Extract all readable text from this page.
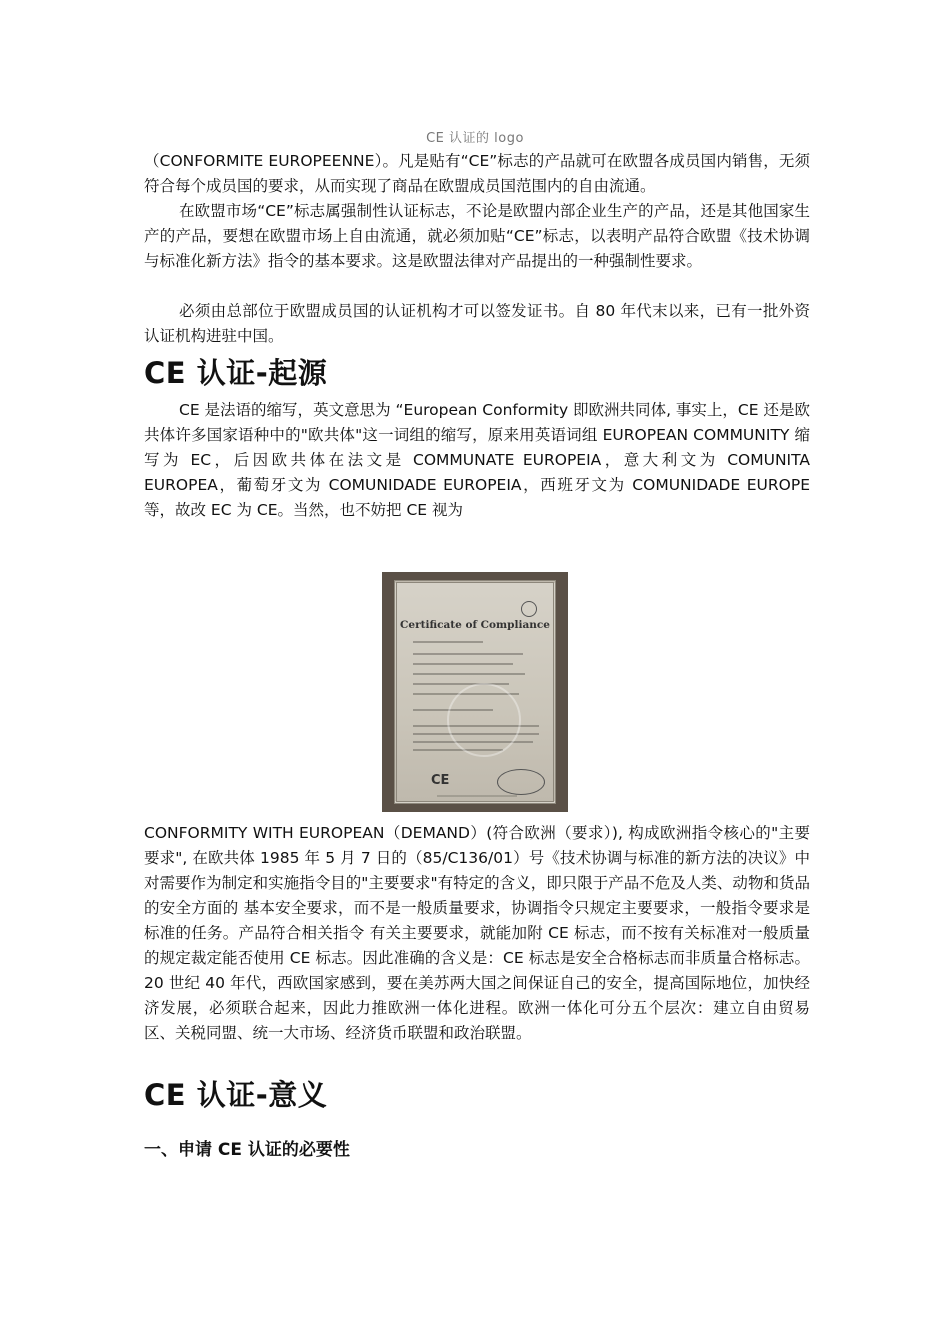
CE 认证的 logo

（CONFORMITE EUROPEENNE）。凡是贴有“CE”标志的产品就可在欧盟各成员国内销售，无须符合每个成员国的要求，从而实现了商品在欧盟成员国范围内的自由流通。

在欧盟市场“CE”标志属强制性认证标志，不论是欧盟内部企业生产的产品，还是其他国家生产的产品，要想在欧盟市场上自由流通，就必须加贴“CE”标志，以表明产品符合欧盟《技术协调与标准化新方法》指令的基本要求。这是欧盟法律对产品提出的一种强制性要求。

必须由总部位于欧盟成员国的认证机构才可以签发证书。自 80 年代末以来，已有一批外资认证机构进驻中国。

CE 认证-起源

CE 是法语的缩写，英文意思为 “European Conformity 即欧洲共同体, 事实上，CE 还是欧共体许多国家语种中的"欧共体"这一词组的缩写，原来用英语词组 EUROPEAN COMMUNITY 缩写为 EC，后因欧共体在法文是 COMMUNATE EUROPEIA，意大利文为 COMUNITA EUROPEA，葡萄牙文为 COMUNIDADE EUROPEIA，西班牙文为 COMUNIDADE EUROPE 等，故改 EC 为 CE。当然，也不妨把 CE 视为

Certificate of Compliance
CE

CONFORMITY WITH EUROPEAN（DEMAND）(符合欧洲（要求）), 构成欧洲指令核心的"主要要求", 在欧共体 1985 年 5 月 7 日的（85/C136/01）号《技术协调与标准的新方法的决议》中对需要作为制定和实施指令目的"主要要求"有特定的含义，即只限于产品不危及人类、动物和货品的安全方面的 基本安全要求，而不是一般质量要求，协调指令只规定主要要求，一般指令要求是标准的任务。产品符合相关指令 有关主要要求，就能加附 CE 标志，而不按有关标准对一般质量的规定裁定能否使用 CE 标志。因此准确的含义是：CE 标志是安全合格标志而非质量合格标志。20 世纪 40 年代，西欧国家感到，要在美苏两大国之间保证自己的安全，提高国际地位，加快经济发展，必须联合起来，因此力推欧洲一体化进程。欧洲一体化可分五个层次：建立自由贸易区、关税同盟、统一大市场、经济货币联盟和政治联盟。

CE 认证-意义
一、申请 CE 认证的必要性
